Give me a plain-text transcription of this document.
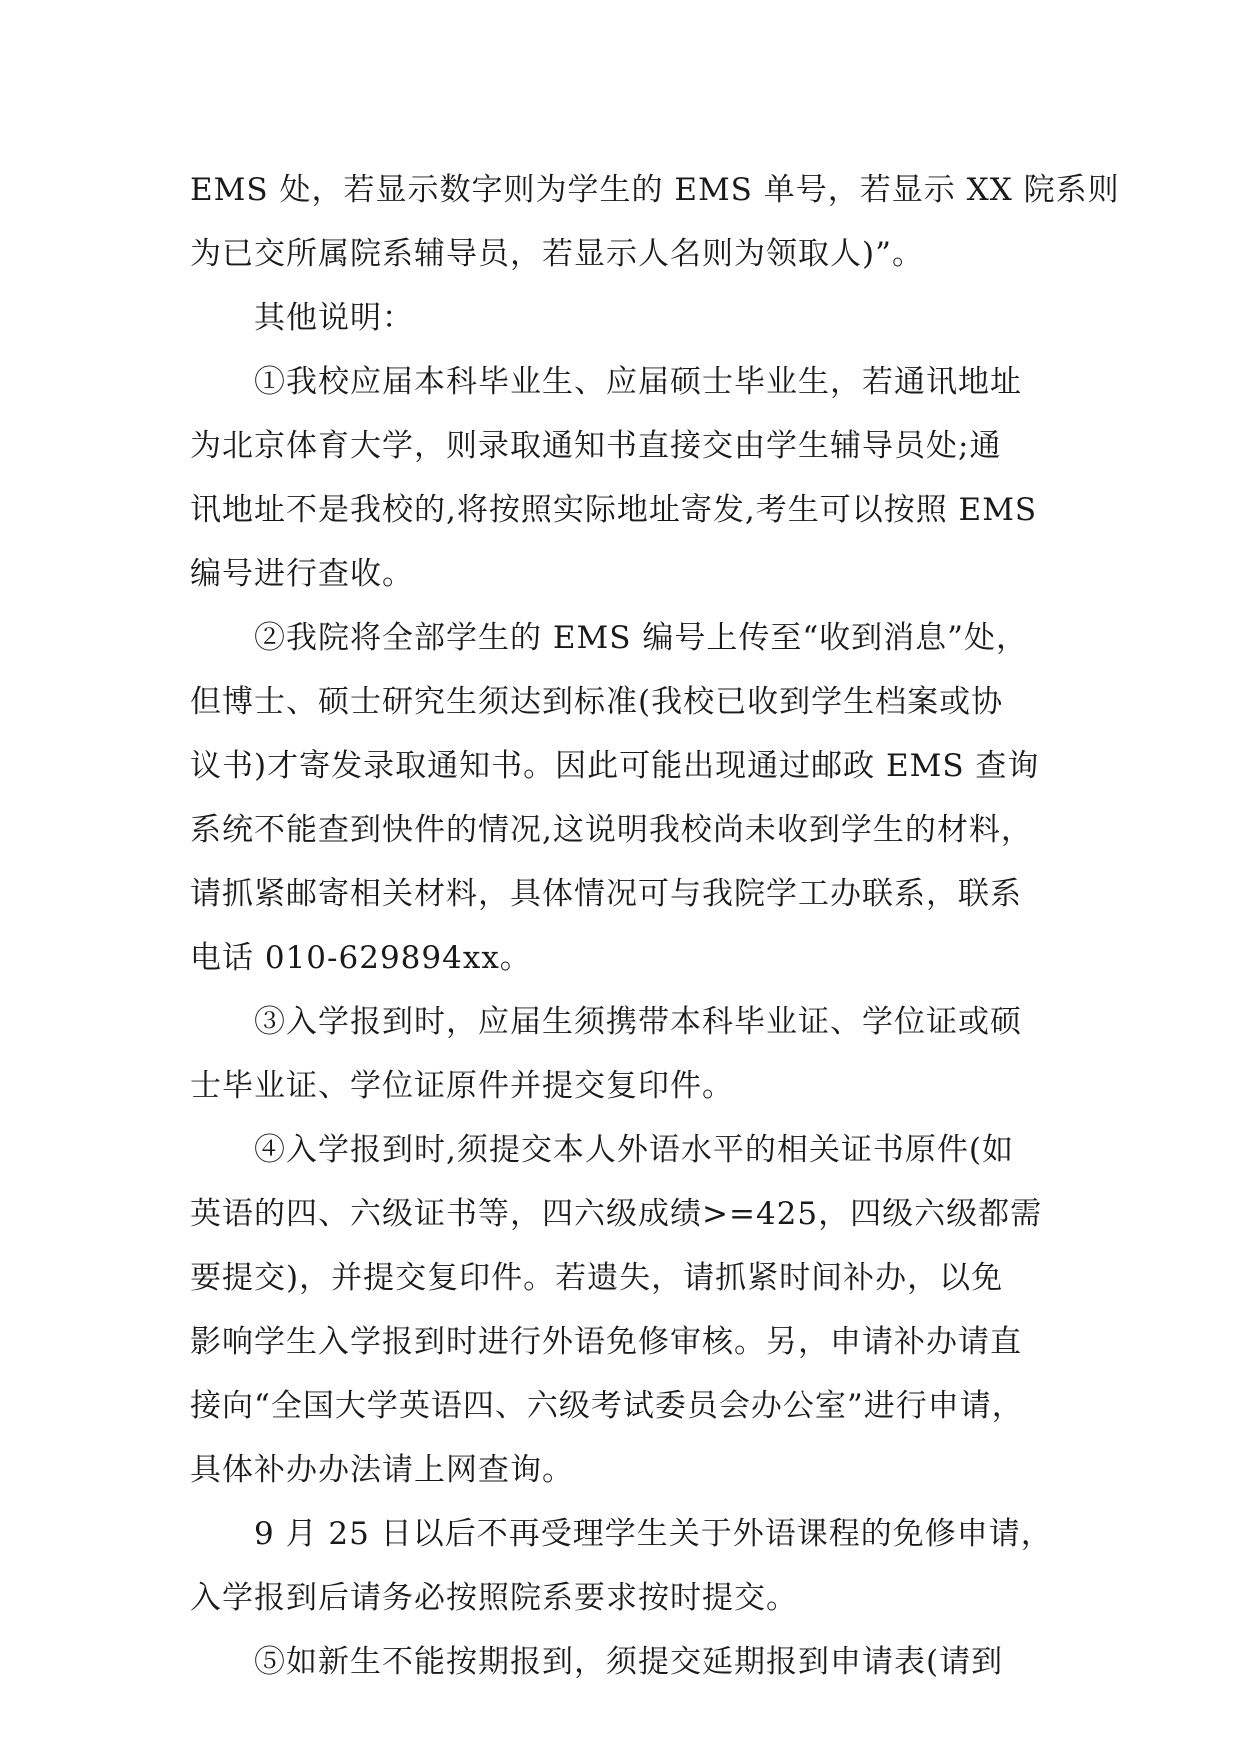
EMS 处，若显示数字则为学生的 EMS 单号，若显示 XX 院系则
为已交所属院系辅导员，若显示人名则为领取人)”。
其他说明：
①我校应届本科毕业生、应届硕士毕业生，若通讯地址
为北京体育大学，则录取通知书直接交由学生辅导员处;通
讯地址不是我校的,将按照实际地址寄发,考生可以按照 EMS
编号进行查收。
②我院将全部学生的 EMS 编号上传至“收到消息”处，
但博士、硕士研究生须达到标准(我校已收到学生档案或协
议书)才寄发录取通知书。因此可能出现通过邮政 EMS 查询
系统不能查到快件的情况,这说明我校尚未收到学生的材料，
请抓紧邮寄相关材料，具体情况可与我院学工办联系，联系
电话 010-629894xx。
③入学报到时，应届生须携带本科毕业证、学位证或硕
士毕业证、学位证原件并提交复印件。
④入学报到时,须提交本人外语水平的相关证书原件(如
英语的四、六级证书等，四六级成绩>=425，四级六级都需
要提交)，并提交复印件。若遗失，请抓紧时间补办，以免
影响学生入学报到时进行外语免修审核。另，申请补办请直
接向“全国大学英语四、六级考试委员会办公室”进行申请，
具体补办办法请上网查询。
9 月 25 日以后不再受理学生关于外语课程的免修申请，
入学报到后请务必按照院系要求按时提交。
⑤如新生不能按期报到，须提交延期报到申请表(请到
